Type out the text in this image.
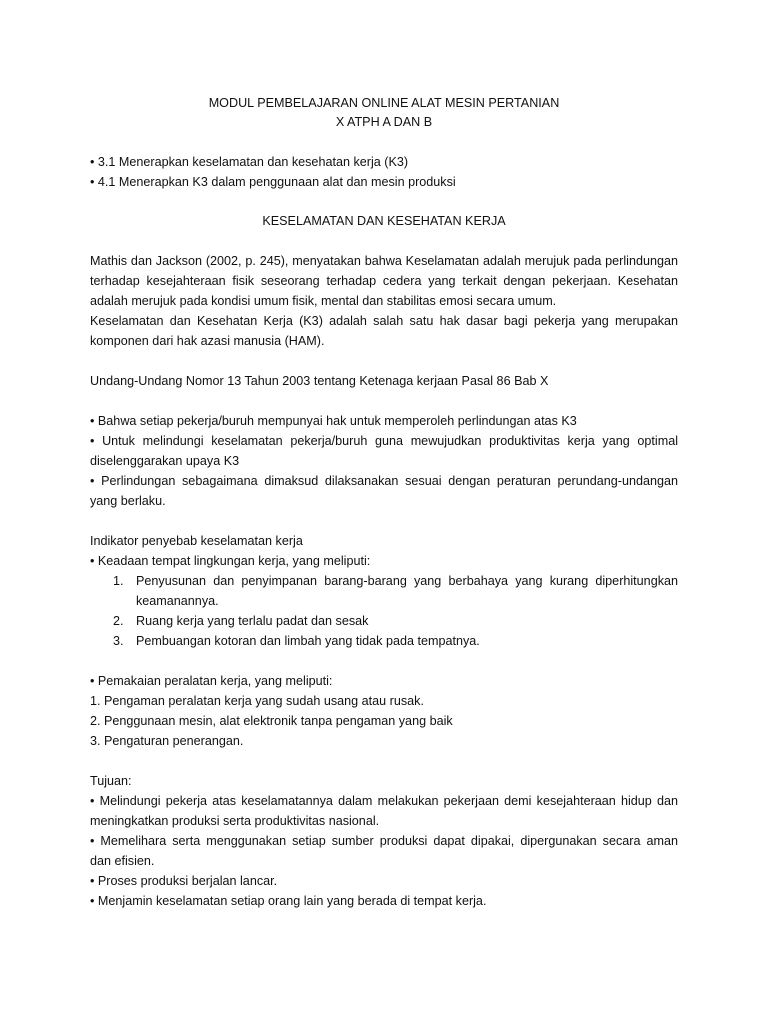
MODUL PEMBELAJARAN ONLINE ALAT MESIN PERTANIAN
X ATPH A DAN B
• 3.1 Menerapkan keselamatan dan kesehatan kerja (K3)
• 4.1 Menerapkan K3 dalam penggunaan alat dan mesin produksi
KESELAMATAN DAN KESEHATAN KERJA
Mathis dan Jackson (2002, p. 245), menyatakan bahwa Keselamatan adalah merujuk pada perlindungan
terhadap kesejahteraan fisik seseorang terhadap cedera yang terkait dengan pekerjaan. Kesehatan
adalah merujuk pada kondisi umum fisik, mental dan stabilitas emosi secara umum.
Keselamatan dan Kesehatan Kerja (K3) adalah salah satu hak dasar bagi pekerja yang merupakan
komponen dari hak azasi manusia (HAM).
Undang-Undang Nomor 13 Tahun 2003 tentang Ketenaga kerjaan Pasal 86 Bab X
• Bahwa setiap pekerja/buruh mempunyai hak untuk memperoleh perlindungan atas K3
• Untuk melindungi keselamatan pekerja/buruh guna mewujudkan produktivitas kerja yang optimal
diselenggarakan upaya K3
• Perlindungan sebagaimana dimaksud dilaksanakan sesuai dengan peraturan perundang-undangan
yang berlaku.
Indikator penyebab keselamatan kerja
• Keadaan tempat lingkungan kerja, yang meliputi:
1. Penyusunan dan penyimpanan barang-barang yang berbahaya yang kurang diperhitungkan
keamanannya.
2. Ruang kerja yang terlalu padat dan sesak
3. Pembuangan kotoran dan limbah yang tidak pada tempatnya.
• Pemakaian peralatan kerja, yang meliputi:
1. Pengaman peralatan kerja yang sudah usang atau rusak.
2. Penggunaan mesin, alat elektronik tanpa pengaman yang baik
3. Pengaturan penerangan.
Tujuan:
• Melindungi pekerja atas keselamatannya dalam melakukan pekerjaan demi kesejahteraan hidup dan
meningkatkan produksi serta produktivitas nasional.
• Memelihara serta menggunakan setiap sumber produksi dapat dipakai, dipergunakan secara aman
dan efisien.
• Proses produksi berjalan lancar.
• Menjamin keselamatan setiap orang lain yang berada di tempat kerja.
